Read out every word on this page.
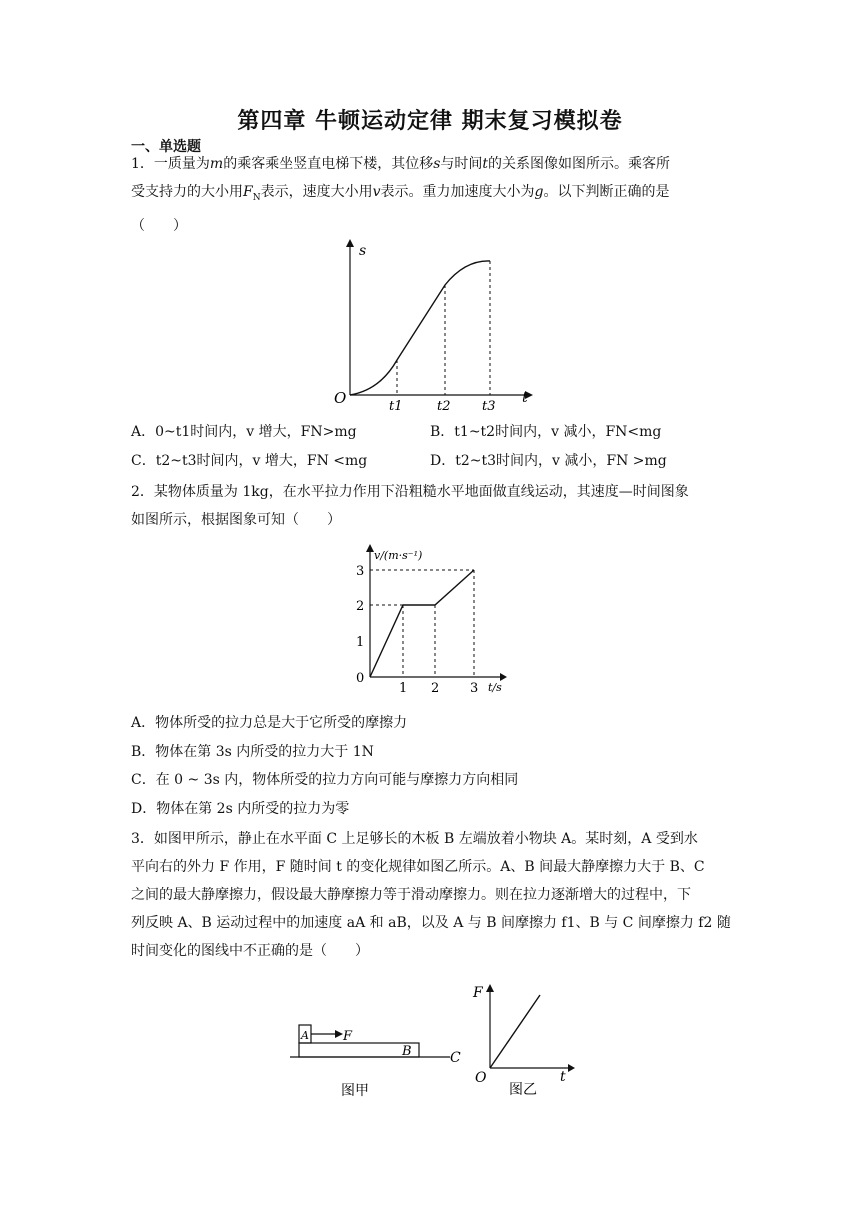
第四章 牛顿运动定律 期末复习模拟卷
一、单选题
1．一质量为m的乘客乘坐竖直电梯下楼，其位移s与时间t的关系图像如图所示。乘客所
受支持力的大小用$F_N$表示，速度大小用v表示。重力加速度大小为g。以下判断正确的是
（　　）
s
t
O	t1	t2 t3
A．0~t1时间内，v 增大，FN>mg	B．t1~t2时间内，v 减小，FN<mg
C．t2~t3时间内，v 增大，FN <mg	D．t2~t3时间内，v 减小，FN >mg
2．某物体质量为 1kg，在水平拉力作用下沿粗糙水平地面做直线运动，其速度—时间图象
如图所示，根据图象可知（　　）
v/(m·s⁻¹)
t/s
0
1 2 3
1
2
3
A．物体所受的拉力总是大于它所受的摩擦力
B．物体在第 3s 内所受的拉力大于 1N
C．在 0 ~ 3s 内，物体所受的拉力方向可能与摩擦力方向相同
D．物体在第 2s 内所受的拉力为零
3．如图甲所示，静止在水平面 C 上足够长的木板 B 左端放着小物块 A。某时刻，A 受到水
平向右的外力 F 作用，F 随时间 t 的变化规律如图乙所示。A、B 间最大静摩擦力大于 B、C
之间的最大静摩擦力，假设最大静摩擦力等于滑动摩擦力。则在拉力逐渐增大的过程中，下
列反映 A、B 运动过程中的加速度 aA 和 aB，以及 A 与 B 间摩擦力 f1、B 与 C 间摩擦力 f2 随
时间变化的图线中不正确的是（　　）
A	F
B	C
图甲
F
O	t
图乙
